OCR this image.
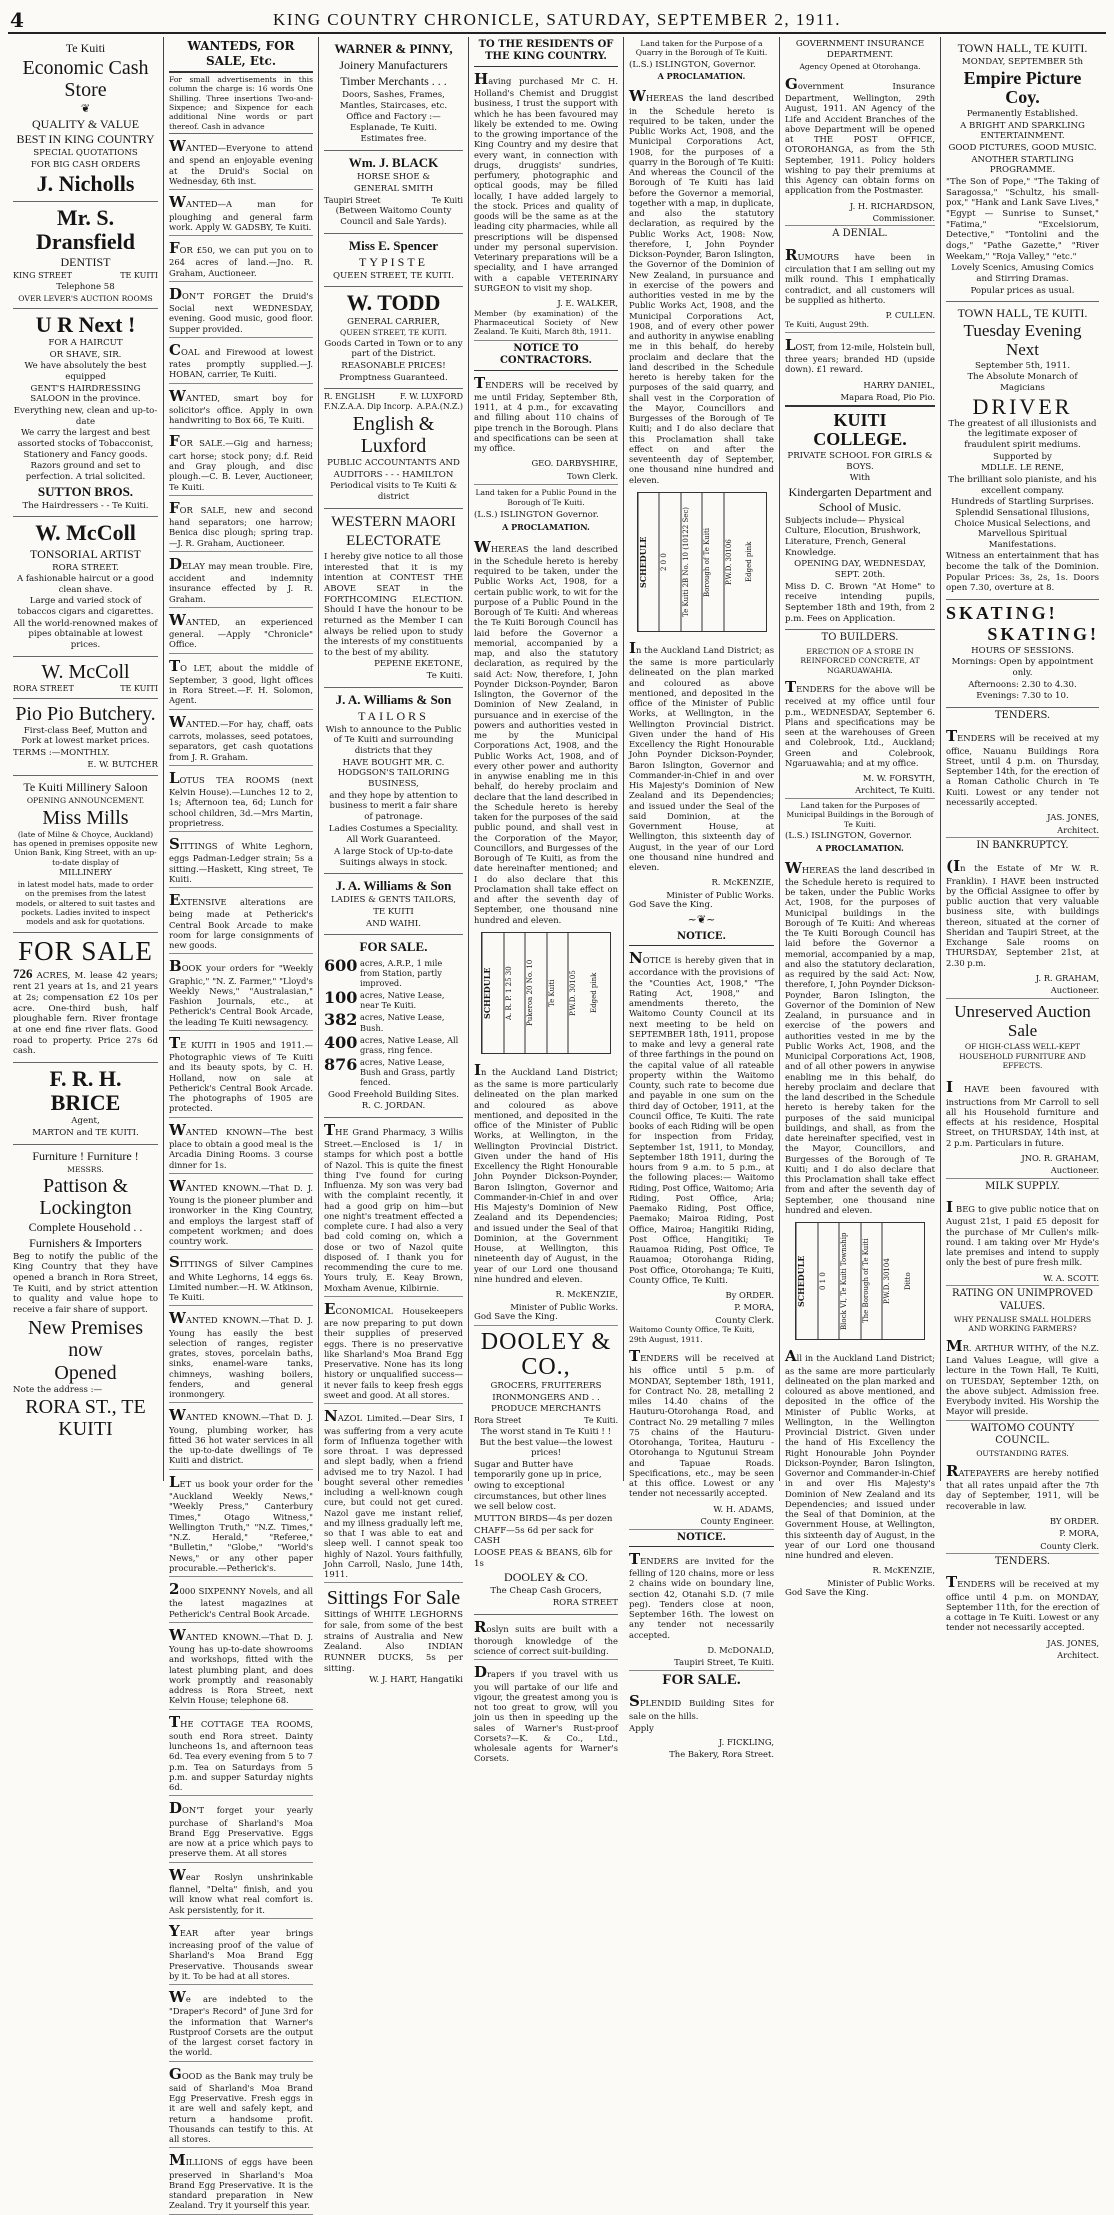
4	KING COUNTRY CHRONICLE, SATURDAY, SEPTEMBER 2, 1911.

Te Kuiti

Economic Cash Store

❦

QUALITY & VALUE

BEST IN KING COUNTRY

SPECIAL QUOTATIONS

FOR BIG CASH ORDERS

J. Nicholls

Mr. S. Dransfield

DENTIST

KING STREET	TE KUITI

Telephone 58

OVER LEVER'S AUCTION ROOMS

U R Next !

FOR A HAIRCUT

OR SHAVE, SIR.

We have absolutely the best equipped

GENT'S HAIRDRESSING SALOON in the province.

Everything new, clean and up-to-date

We carry the largest and best assorted stocks of Tobacconist, Stationery and Fancy goods.

Razors ground and set to perfection. A trial solicited.

SUTTON BROS.

The Hairdressers - - Te Kuiti.

W. McColl

TONSORIAL ARTIST

RORA STREET.

A fashionable haircut or a good clean shave.

Large and varied stock of tobaccos cigars and cigarettes.

All the world-renowned makes of pipes obtainable at lowest prices.

W. McColl

RORA STREET	TE KUITI

Pio Pio Butchery.

First-class Beef, Mutton and Pork at lowest market prices.

TERMS :—MONTHLY.

E. W. BUTCHER

Te Kuiti Millinery Saloon

OPENING ANNOUNCEMENT.

Miss Mills

(late of Milne & Choyce, Auckland) has opened in premises opposite new Union Bank, King Street, with an up-to-date display of

MILLINERY

in latest model hats, made to order on the premises from the latest models, or altered to suit tastes and pockets. Ladies invited to inspect models and ask for quotations.

FOR SALE

726 ACRES, M. lease 42 years; rent 21 years at 1s, and 21 years at 2s; compensation £2 10s per acre. One-third bush, half ploughable fern. River frontage at one end fine river flats. Good road to property. Price 27s 6d cash.

F. R. H. BRICE

Agent,

MARTON and TE KUITI.

Furniture ! Furniture !

MESSRS.

Pattison & Lockington

Complete Household . .

Furnishers & Importers

Beg to notify the public of the King Country that they have opened a branch in Rora Street, Te Kuiti, and by strict attention to quality and value hope to receive a fair share of support.

New Premises now

Opened

Note the address :—

RORA ST., TE KUITI

WANTEDS, FOR SALE, Etc.

For small advertisements in this column the charge is: 16 words One Shilling. Three insertions Two-and-Sixpence; and Sixpence for each additional Nine words or part thereof. Cash in advance

WANTED—Everyone to attend and spend an enjoyable evening at the Druid's Social on Wednesday, 6th inst.

WANTED—A man for ploughing and general farm work. Apply W. GADSBY, Te Kuiti.

FOR £50, we can put you on to 264 acres of land.—Jno. R. Graham, Auctioneer.

DON'T FORGET the Druid's Social next WEDNESDAY, evening. Good music, good floor. Supper provided.

COAL and Firewood at lowest rates promptly supplied.—J. HOBAN, carrier, Te Kuiti.

WANTED, smart boy for solicitor's office. Apply in own handwriting to Box 66, Te Kuiti.

FOR SALE.—Gig and harness; cart horse; stock pony; d.f. Reid and Gray plough, and disc plough.—C. B. Lever, Auctioneer, Te Kuiti.

FOR SALE, new and second hand separators; one harrow; Benica disc plough; spring trap.—J. R. Graham, Auctioneer.

DELAY may mean trouble. Fire, accident and indemnity insurance effected by J. R. Graham.

WANTED, an experienced general. —Apply "Chronicle" Office.

TO LET, about the middle of September, 3 good, light offices in Rora Street.—F. H. Solomon, Agent.

WANTED.—For hay, chaff, oats carrots, molasses, seed potatoes, separators, get cash quotations from J. R. Graham.

LOTUS TEA ROOMS (next Kelvin House).—Lunches 12 to 2, 1s; Afternoon tea, 6d; Lunch for school children, 3d.—Mrs Martin, proprietress.

SITTINGS of White Leghorn, eggs Padman-Ledger strain; 5s a sitting.—Haskett, King street, Te Kuiti.

EXTENSIVE alterations are being made at Petherick's Central Book Arcade to make room for large consignments of new goods.

BOOK your orders for "Weekly Graphic," "N. Z. Farmer," "Lloyd's Weekly News," "Australasian," Fashion Journals, etc., at Petherick's Central Book Arcade, the leading Te Kuiti newsagency.

TE KUITI in 1905 and 1911.—Photographic views of Te Kuiti and its beauty spots, by C. H. Holland, now on sale at Petherick's Central Book Arcade. The photographs of 1905 are protected.

WANTED KNOWN—The best place to obtain a good meal is the Arcadia Dining Rooms. 3 course dinner for 1s.

WANTED KNOWN.—That D. J. Young is the pioneer plumber and ironworker in the King Country, and employs the largest staff of competent workmen; and does country work.

SITTINGS of Silver Campines and White Leghorns, 14 eggs 6s. Limited number.—H. W. Atkinson, Te Kuiti.

WANTED KNOWN.—That D. J. Young has easily the best selection of ranges, register grates, stoves, porcelain baths, sinks, enamel-ware tanks, chimneys, washing boilers, fenders, and general ironmongery.

WANTED KNOWN.—That D. J. Young, plumbing worker, has fitted 36 hot water services in all the up-to-date dwellings of Te Kuiti and district.

LET us book your order for the "Auckland Weekly News," "Weekly Press," Canterbury Times," Otago Witness," Wellington Truth," "N.Z. Times," "N.Z. Herald," "Referee," "Bulletin," "Globe," "World's News," or any other paper procurable.—Petherick's.

2000 SIXPENNY Novels, and all the latest magazines at Petherick's Central Book Arcade.

WANTED KNOWN.—That D. J. Young has up-to-date showrooms and workshops, fitted with the latest plumbing plant, and does work promptly and reasonably address is Rora Street, next Kelvin House; telephone 68.

THE COTTAGE TEA ROOMS, south end Rora street. Dainty luncheons 1s, and afternoon teas 6d. Tea every evening from 5 to 7 p.m. Tea on Saturdays from 5 p.m. and supper Saturday nights 6d.

DON'T forget your yearly purchase of Sharland's Moa Brand Egg Preservative. Eggs are now at a price which pays to preserve them. At all stores

Wear Roslyn unshrinkable flannel, "Delta" finish, and you will know what real comfort is. Ask persistently, for it.

YEAR after year brings increasing proof of the value of Sharland's Moa Brand Egg Preservative. Thousands swear by it. To be had at all stores.

We are indebted to the "Draper's Record" of June 3rd for the information that Warner's Rustproof Corsets are the output of the largest corset factory in the world.

GOOD as the Bank may truly be said of Sharland's Moa Brand Egg Preservative. Fresh eggs in it are well and safely kept, and return a handsome profit. Thousands can testify to this. At all stores.

MILLIONS of eggs have been preserved in Sharland's Moa Brand Egg Preservative. It is the standard preparation in New Zealand. Try it yourself this year.

WARNER & PINNY,

Joinery Manufacturers

Timber Merchants . . .

Doors, Sashes, Frames, Mantles, Staircases, etc.

Office and Factory :—Esplanade, Te Kuiti.

Estimates free.

Wm. J. BLACK

HORSE SHOE &

GENERAL SMITH

Taupiri Street	Te Kuiti

(Between Waitomo County Council and Sale Yards).

Miss E. Spencer

TYPISTE

QUEEN STREET, TE KUITI.

W. TODD

GENERAL CARRIER,

QUEEN STREET, TE KUITI.

Goods Carted in Town or to any part of the District.

REASONABLE PRICES!

Promptness Guaranteed.

R. ENGLISH	F. W. LUXFORD
F.N.Z.A.A. Dip Incorp. A.P.A.(N.Z.)

English & Luxford

PUBLIC ACCOUNTANTS AND

AUDITORS - - - HAMILTON

Periodical visits to Te Kuiti & district

WESTERN MAORI

ELECTORATE

I hereby give notice to all those interested that it is my intention at CONTEST THE ABOVE SEAT in the FORTHCOMING ELECTION. Should I have the honour to be returned as the Member I can always be relied upon to study the interests of my constituents to the best of my ability.

PEPENE EKETONE,

Te Kuiti.

J. A. Williams & Son

TAILORS

Wish to announce to the Public of Te Kuiti and surrounding districts that they

HAVE BOUGHT MR. C. HODGSON'S TAILORING BUSINESS,

and they hope by attention to business to merit a fair share of patronage.

Ladies Costumes a Speciality.

All Work Guaranteed.

A large Stock of Up-to-date Suitings always in stock.

J. A. Williams & Son

LADIES & GENTS TAILORS,

TE KUITI

AND WAIHI.

FOR SALE.

600 acres, A.R.P., 1 mile from Station, partly improved.
100 acres, Native Lease, near Te Kuiti.
382 acres, Native Lease, Bush.
400 acres, Native Lease, All grass, ring fence.
876 acres, Native Lease, Bush and Grass, partly fenced.

Good Freehold Building Sites.

R. C. JORDAN.

THE Grand Pharmacy, 3 Willis Street.—Enclosed is 1/ in stamps for which post a bottle of Nazol. This is quite the finest thing I've found for curing Influenza. My son was very bad with the complaint recently, it had a good grip on him—but one night's treatment effected a complete cure. I had also a very bad cold coming on, which a dose or two of Nazol quite disposed of. I thank you for recommending the cure to me. Yours truly, E. Keay Brown, Moxham Avenue, Kilbirnie.

ECONOMICAL Housekeepers are now preparing to put down their supplies of preserved eggs. There is no preservative like Sharland's Moa Brand Egg Preservative. None has its long history or unqualified success—it never fails to keep fresh eggs sweet and good. At all stores.

NAZOL Limited.—Dear Sirs, I was suffering from a very acute form of Influenza together with sore throat. I was depressed and slept badly, when a friend advised me to try Nazol. I had bought several other remedies including a well-known cough cure, but could not get cured. Nazol gave me instant relief, and my illness gradually left me, so that I was able to eat and sleep well. I cannot speak too highly of Nazol. Yours faithfully, John Carroll, Naslo, June 14th, 1911.

Sittings For Sale

Sittings of WHITE LEGHORNS for sale, from some of the best strains of Australia and New Zealand. Also INDIAN RUNNER DUCKS, 5s per sitting.

W. J. HART, Hangatiki

TO THE RESIDENTS OF THE KING COUNTRY.

Having purchased Mr C. H. Holland's Chemist and Druggist business, I trust the support with which he has been favoured may likely be extended to me. Owing to the growing importance of the King Country and my desire that every want, in connection with drugs, druggists' sundries, perfumery, photographic and optical goods, may be filled locally, I have added largely to the stock. Prices and quality of goods will be the same as at the leading city pharmacies, while all prescriptions will be dispensed under my personal supervision. Veterinary preparations will be a speciality, and I have arranged with a capable VETERINARY SURGEON to visit my shop.

J. E. WALKER,

Member (by examination) of the Pharmaceutical Society of New Zealand. Te Kuiti, March 8th, 1911.

NOTICE TO CONTRACTORS.

TENDERS will be received by me until Friday, September 8th, 1911, at 4 p.m., for excavating and filling about 110 chains of pipe trench in the Borough. Plans and specifications can be seen at my office.

GEO. DARBYSHIRE,

Town Clerk.

Land taken for a Public Pound in the Borough of Te Kuiti.

(L.S.) ISLINGTON Governor.

A PROCLAMATION.

WHEREAS the land described in the Schedule hereto is hereby required to be taken, under the Public Works Act, 1908, for a certain public work, to wit for the purpose of a Public Pound in the Borough of Te Kuiti: And whereas the Te Kuiti Borough Council has laid before the Governor a memorial, accompanied by a map, and also the statutory declaration, as required by the said Act: Now, therefore, I, John Poynder Dickson-Poynder, Baron Islington, the Governor of the Dominion of New Zealand, in pursuance and in exercise of the powers and authorities vested in me by the Municipal Corporations Act, 1908, and the Public Works Act, 1908, and of every other power and authority in anywise enabling me in this behalf, do hereby proclaim and declare that the land described in the Schedule hereto is hereby taken for the purposes of the said public pound, and shall vest in the Corporation of the Mayor, Councillors, and Burgesses of the Borough of Te Kuiti, as from the date hereinafter mentioned; and I do also declare that this Proclamation shall take effect on and after the seventh day of September, one thousand nine hundred and eleven.

SCHEDULE	A. R. P. 1 25 30	Pukeroa 20 No. 10	Te Kuiti	P.W.D. 30105	Edged pink

In the Auckland Land District; as the same is more particularly delineated on the plan marked and coloured as above mentioned, and deposited in the office of the Minister of Public Works, at Wellington, in the Wellington Provincial District. Given under the hand of His Excellency the Right Honourable John Poynder Dickson-Poynder, Baron Islington, Governor and Commander-in-Chief in and over His Majesty's Dominion of New Zealand and its Dependencies; and issued under the Seal of that Dominion, at the Government House, at Wellington, this nineteenth day of August, in the year of our Lord one thousand nine hundred and eleven.

R. McKENZIE,

Minister of Public Works.

God Save the King.

DOOLEY & CO.,

GROCERS, FRUITERERS

IRONMONGERS AND . .

PRODUCE MERCHANTS

Rora Street	Te Kuiti.

The worst stand in Te Kuiti ! ! But the best value—the lowest prices!

Sugar and Butter have temporarily gone up in price, owing to exceptional circumstances, but other lines we sell below cost.

MUTTON BIRDS—4s per dozen

CHAFF—5s 6d per sack for CASH

LOOSE PEAS & BEANS, 6lb for 1s

DOOLEY & CO.

The Cheap Cash Grocers,

RORA STREET

Roslyn suits are built with a thorough knowledge of the science of correct suit-building.

Drapers if you travel with us you will partake of our life and vigour, the greatest among you is not too great to grow, will you join us then in speeding up the sales of Warner's Rust-proof Corsets?—K. & Co., Ltd., wholesale agents for Warner's Corsets.

Land taken for the Purpose of a Quarry in the Borough of Te Kuiti.

(L.S.) ISLINGTON, Governor.

A PROCLAMATION.

WHEREAS the land described in the Schedule hereto is required to be taken, under the Public Works Act, 1908, and the Municipal Corporations Act, 1908, for the purposes of a quarry in the Borough of Te Kuiti: And whereas the Council of the Borough of Te Kuiti has laid before the Governor a memorial, together with a map, in duplicate, and also the statutory declaration, as required by the Public Works Act, 1908: Now, therefore, I, John Poynder Dickson-Poynder, Baron Islington, the Governor of the Dominion of New Zealand, in pursuance and in exercise of the powers and authorities vested in me by the Public Works Act, 1908, and the Municipal Corporations Act, 1908, and of every other power and authority in anywise enabling me in this behalf, do hereby proclaim and declare that the land described in the Schedule hereto is hereby taken for the purposes of the said quarry, and shall vest in the Corporation of the Mayor, Councillors and Burgesses of the Borough of Te Kuiti; and I do also declare that this Proclamation shall take effect on and after the seventeenth day of September, one thousand nine hundred and eleven.

SCHEDULE	2 0 0	Te Kuiti 2B No. 10 (10122 Sec)	Borough of Te Kuiti	P.W.D. 30106	Edged pink

In the Auckland Land District; as the same is more particularly delineated on the plan marked and coloured as above mentioned, and deposited in the office of the Minister of Public Works, at Wellington, in the Wellington Provincial District. Given under the hand of His Excellency the Right Honourable John Poynder Dickson-Poynder, Baron Islington, Governor and Commander-in-Chief in and over His Majesty's Dominion of New Zealand and its Dependencies; and issued under the Seal of the said Dominion, at the Government House, at Wellington, this sixteenth day of August, in the year of our Lord one thousand nine hundred and eleven.

R. McKENZIE,

Minister of Public Works.

God Save the King.

~❦~

NOTICE.

NOTICE is hereby given that in accordance with the provisions of the "Counties Act, 1908," "The Rating Act, 1908," and amendments thereto, the Waitomo County Council at its next meeting to be held on SEPTEMBER 18th, 1911, propose to make and levy a general rate of three farthings in the pound on the capital value of all rateable property within the Waitomo County, such rate to become due and payable in one sum on the third day of October, 1911, at the Council Office, Te Kuiti. The rate books of each Riding will be open for inspection from Friday, September 1st, 1911, to Monday, September 18th 1911, during the hours from 9 a.m. to 5 p.m., at the following places:— Waitomo Riding, Post Office, Waitomo; Aria Riding, Post Office, Aria; Paemako Riding, Post Office, Paemako; Mairoa Riding, Post Office, Mairoa; Hangitiki Riding, Post Office, Hangitiki; Te Rauamoa Riding, Post Office, Te Rauamoa; Otorohanga Riding, Post Office, Otorohanga; Te Kuiti, County Office, Te Kuiti.

By ORDER.

P. MORA,

County Clerk.

Waitomo County Office, Te Kuiti, 29th August, 1911.

TENDERS will be received at his office until 5 p.m. of MONDAY, September 18th, 1911, for Contract No. 28, metalling 2 miles 14.40 chains of the Hauturu-Otorohanga Road, and Contract No. 29 metalling 7 miles 75 chains of the Hauturu-Otorohanga, Toritea, Hauturu - Otorohanga to Ngutunui Stream and Tapuae Roads. Specifications, etc., may be seen at this office. Lowest or any tender not necessarily accepted.

W. H. ADAMS,

County Engineer.

NOTICE.

TENDERS are invited for the felling of 120 chains, more or less 2 chains wide on boundary line, section 42, Otanahi S.D. (7 mile peg). Tenders close at noon, September 16th. The lowest on any tender not necessarily accepted.

D. McDONALD,

Taupiri Street, Te Kuiti.

FOR SALE.

SPLENDID Building Sites for sale on the hills.

Apply

J. FICKLING,

The Bakery, Rora Street.

GOVERNMENT INSURANCE DEPARTMENT.

Agency Opened at Otorohanga.

Government Insurance Department, Wellington, 29th August, 1911. AN Agency of the Life and Accident Branches of the above Department will be opened at THE POST OFFICE, OTOROHANGA, as from the 5th September, 1911. Policy holders wishing to pay their premiums at this Agency can obtain forms on application from the Postmaster.

J. H. RICHARDSON,

Commissioner.

A DENIAL.

RUMOURS have been in circulation that I am selling out my milk round. This I emphatically contradict, and all customers will be supplied as hitherto.

P. CULLEN.

Te Kuiti, August 29th.

LOST, from 12-mile, Holstein bull, three years; branded HD (upside down). £1 reward.

HARRY DANIEL,

Mapara Road, Pio Pio.

KUITI COLLEGE.

PRIVATE SCHOOL FOR GIRLS & BOYS.

With

Kindergarten Department and School of Music.

Subjects include— Physical Culture, Elocution, Brushwork, Literature, French, General Knowledge.

OPENING DAY, WEDNESDAY, SEPT. 20th.

Miss D. C. Brown "At Home" to receive intending pupils, September 18th and 19th, from 2 p.m. Fees on Application.

TO BUILDERS.

ERECTION OF A STORE IN REINFORCED CONCRETE, AT NGARUAWAHIA.

TENDERS for the above will be received at my office until four p.m., WEDNESDAY, September 6. Plans and specifications may be seen at the warehouses of Green and Colebrook, Ltd., Auckland; Green and Colebrook, Ngaruawahia; and at my office.

M. W. FORSYTH,

Architect, Te Kuiti.

Land taken for the Purposes of Municipal Buildings in the Borough of Te Kuiti.

(L.S.) ISLINGTON, Governor.

A PROCLAMATION.

WHEREAS the land described in the Schedule hereto is required to be taken, under the Public Works Act, 1908, for the purposes of Municipal buildings in the Borough of Te Kuiti: And whereas the Te Kuiti Borough Council has laid before the Governor a memorial, accompanied by a map, and also the statutory declaration, as required by the said Act: Now, therefore, I, John Poynder Dickson-Poynder, Baron Islington, the Governor of the Dominion of New Zealand, in pursuance and in exercise of the powers and authorities vested in me by the Public Works Act, 1908, and the Municipal Corporations Act, 1908, and of all other powers in anywise enabling me in this behalf, do hereby proclaim and declare that the land described in the Schedule hereto is hereby taken for the purposes of the said municipal buildings, and shall, as from the date hereinafter specified, vest in the Mayor, Councillors, and Burgesses of the Borough of Te Kuiti; and I do also declare that this Proclamation shall take effect from and after the seventh day of September, one thousand nine hundred and eleven.

SCHEDULE	0 1 0	Block VI, Te Kuiti Township	The Borough of Te Kuiti	P.W.D. 30104	Ditto

All in the Auckland Land District; as the same are more particularly delineated on the plan marked and coloured as above mentioned, and deposited in the office of the Minister of Public Works, at Wellington, in the Wellington Provincial District. Given under the hand of His Excellency the Right Honourable John Poynder Dickson-Poynder, Baron Islington, Governor and Commander-in-Chief in and over His Majesty's Dominion of New Zealand and its Dependencies; and issued under the Seal of that Dominion, at the Government House, at Wellington, this sixteenth day of August, in the year of our Lord one thousand nine hundred and eleven.

R. McKENZIE,

Minister of Public Works.

God Save the King.

TOWN HALL, TE KUITI.

MONDAY, SEPTEMBER 5th

Empire Picture Coy.

Permanently Established.

A BRIGHT AND SPARKLING ENTERTAINMENT.

GOOD PICTURES, GOOD MUSIC.

ANOTHER STARTLING PROGRAMME.

"The Son of Pope," "The Taking of Saragossa," "Schultz, his small-pox," "Hank and Lank Save Lives," "Egypt — Sunrise to Sunset," "Fatima," "Excelsiorum, Detective," "Tontolini and the dogs," "Pathe Gazette," "River Weekam," "Roja Valley," "etc."

Lovely Scenics, Amusing Comics and Stirring Dramas.

Popular prices as usual.

TOWN HALL, TE KUITI.

Tuesday Evening Next

September 5th, 1911.

The Absolute Monarch of Magicians

DRIVER

The greatest of all illusionists and the legitimate exposer of fraudulent spirit mediums.

Supported by

MDLLE. LE RENE,

The brilliant solo pianiste, and his excellent company.

Hundreds of Startling Surprises. Splendid Sensational Illusions, Choice Musical Selections, and Marvellous Spiritual Manifestations.

Witness an entertainment that has become the talk of the Dominion. Popular Prices: 3s, 2s, 1s. Doors open 7.30, overture at 8.

SKATING!

SKATING!

HOURS OF SESSIONS.

Mornings: Open by appointment only.

Afternoons: 2.30 to 4.30.

Evenings: 7.30 to 10.

TENDERS.

TENDERS will be received at my office, Nauanu Buildings Rora Street, until 4 p.m. on Thursday, September 14th, for the erection of a Roman Catholic Church in Te Kuiti. Lowest or any tender not necessarily accepted.

JAS. JONES,

Architect.

IN BANKRUPTCY.

(In the Estate of Mr W. R. Franklin). I HAVE been instructed by the Official Assignee to offer by public auction that very valuable business site, with buildings thereon, situated at the corner of Sheridan and Taupiri Street, at the Exchange Sale rooms on THURSDAY, September 21st, at 2.30 p.m.

J. R. GRAHAM,

Auctioneer.

Unreserved Auction

Sale

OF HIGH-CLASS WELL-KEPT HOUSEHOLD FURNITURE AND EFFECTS.

I HAVE been favoured with instructions from Mr Carroll to sell all his Household furniture and effects at his residence, Hospital Street, on THURSDAY, 14th inst, at 2 p.m. Particulars in future.

JNO. R. GRAHAM,

Auctioneer.

MILK SUPPLY.

I BEG to give public notice that on August 21st, I paid £5 deposit for the purchase of Mr Cullen's milk-round. I am taking over Mr Hyde's late premises and intend to supply only the best of pure fresh milk.

W. A. SCOTT.

RATING ON UNIMPROVED VALUES.

WHY PENALISE SMALL HOLDERS AND WORKING FARMERS?

MR. ARTHUR WITHY, of the N.Z. Land Values League, will give a lecture in the Town Hall, Te Kuiti, on TUESDAY, September 12th, on the above subject. Admission free. Everybody invited. His Worship the Mayor will preside.

WAITOMO COUNTY COUNCIL.

OUTSTANDING RATES.

RATEPAYERS are hereby notified that all rates unpaid after the 7th day of September, 1911, will be recoverable in law.

BY ORDER.

P. MORA,

County Clerk.

TENDERS.

TENDERS will be received at my office until 4 p.m. on MONDAY, September 11th, for the erection of a cottage in Te Kuiti. Lowest or any tender not necessarily accepted.

JAS. JONES,

Architect.
